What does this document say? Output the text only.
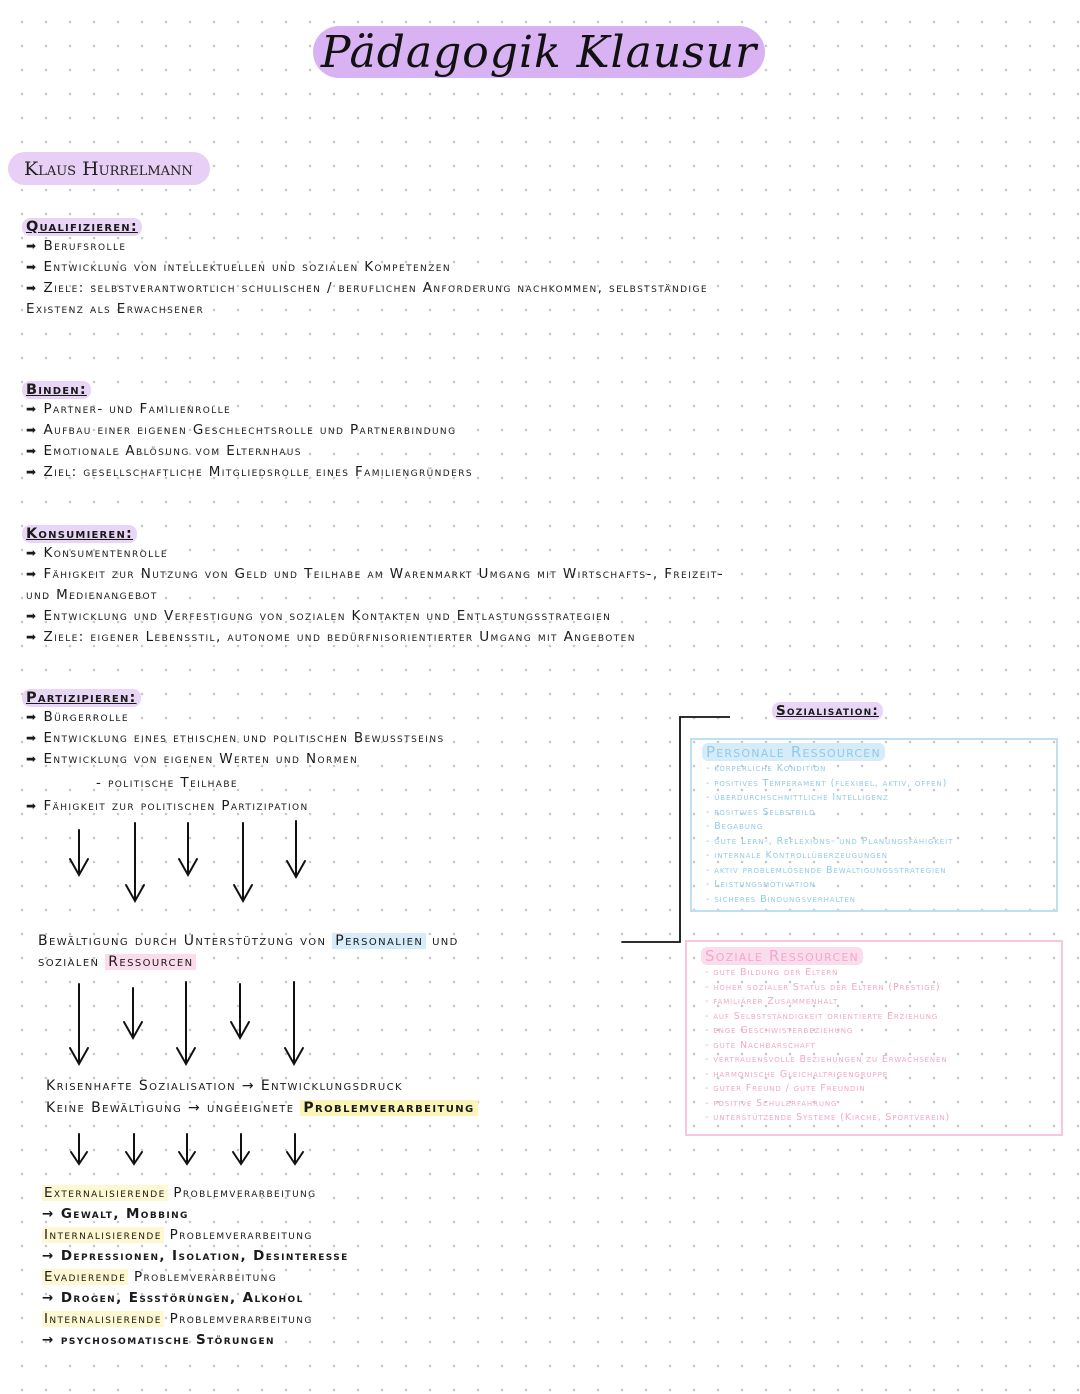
Pädagogik Klausur
Klaus Hurrelmann
Qualifizieren:
➡ Berufsrolle
➡ Entwicklung von intellektuellen und sozialen Kompetenzen
➡ Ziele: selbstverantwortlich schulischen / beruflichen Anforderung nachkommen, selbstständige
Existenz als Erwachsener
Binden:
➡ Partner- und Familienrolle
➡ Aufbau einer eigenen Geschlechtsrolle und Partnerbindung
➡ Emotionale Ablösung vom Elternhaus
➡ Ziel: gesellschaftliche Mitgliedsrolle eines Familiengründers
Konsumieren:
➡ Konsumentenrolle
➡ Fähigkeit zur Nutzung von Geld und Teilhabe am Warenmarkt Umgang mit Wirtschafts-, Freizeit-
und Medienangebot
➡ Entwicklung und Verfestigung von sozialen Kontakten und Entlastungsstrategien
➡ Ziele: eigener Lebensstil, autonome und bedürfnisorientierter Umgang mit Angeboten
Partizipieren:
➡ Bürgerrolle
➡ Entwicklung eines ethischen und politischen Bewusstseins
➡ Entwicklung von eigenen Werten und Normen
- politische Teilhabe
➡ Fähigkeit zur politischen Partizipation
Bewältigung durch Unterstützung von Personalien und
sozialen Ressourcen
Sozialisation:
Personale Ressourcen
- körperliche Kondition
- positives Temperament (flexibel, aktiv, offen)
- überdurchschnittliche Intelligenz
- positives Selbstbild
- Begabung
- gute Lern-, Reflexions- und Planungsfähigkeit
- internale Kontrollüberzeugungen
- aktiv problemlösende Bewältigungsstrategien
- Leistungsmotivation
- sicheres Bindungsverhalten
Soziale Ressourcen
- gute Bildung der Eltern
- hoher sozialer Status der Eltern (Prestige)
- familiärer Zusammenhalt
- auf Selbstständigkeit orientierte Erziehung
- enge Geschwisterbeziehung
- gute Nachbarschaft
- vertrauensvolle Beziehungen zu Erwachsenen
- harmonische Gleichaltrigengruppe
- guter Freund / gute Freundin
- positive Schulerfahrung
- unterstützende Systeme (Kirche, Sportverein)
Krisenhafte Sozialisation → Entwicklungsdruck
Keine Bewältigung → ungeeignete Problemverarbeitung
Externalisierende Problemverarbeitung
→ Gewalt, Mobbing
Internalisierende Problemverarbeitung
→ Depressionen, Isolation, Desinteresse
Evadierende Problemverarbeitung
→ Drogen, Essstörungen, Alkohol
Internalisierende Problemverarbeitung
→ psychosomatische Störungen
